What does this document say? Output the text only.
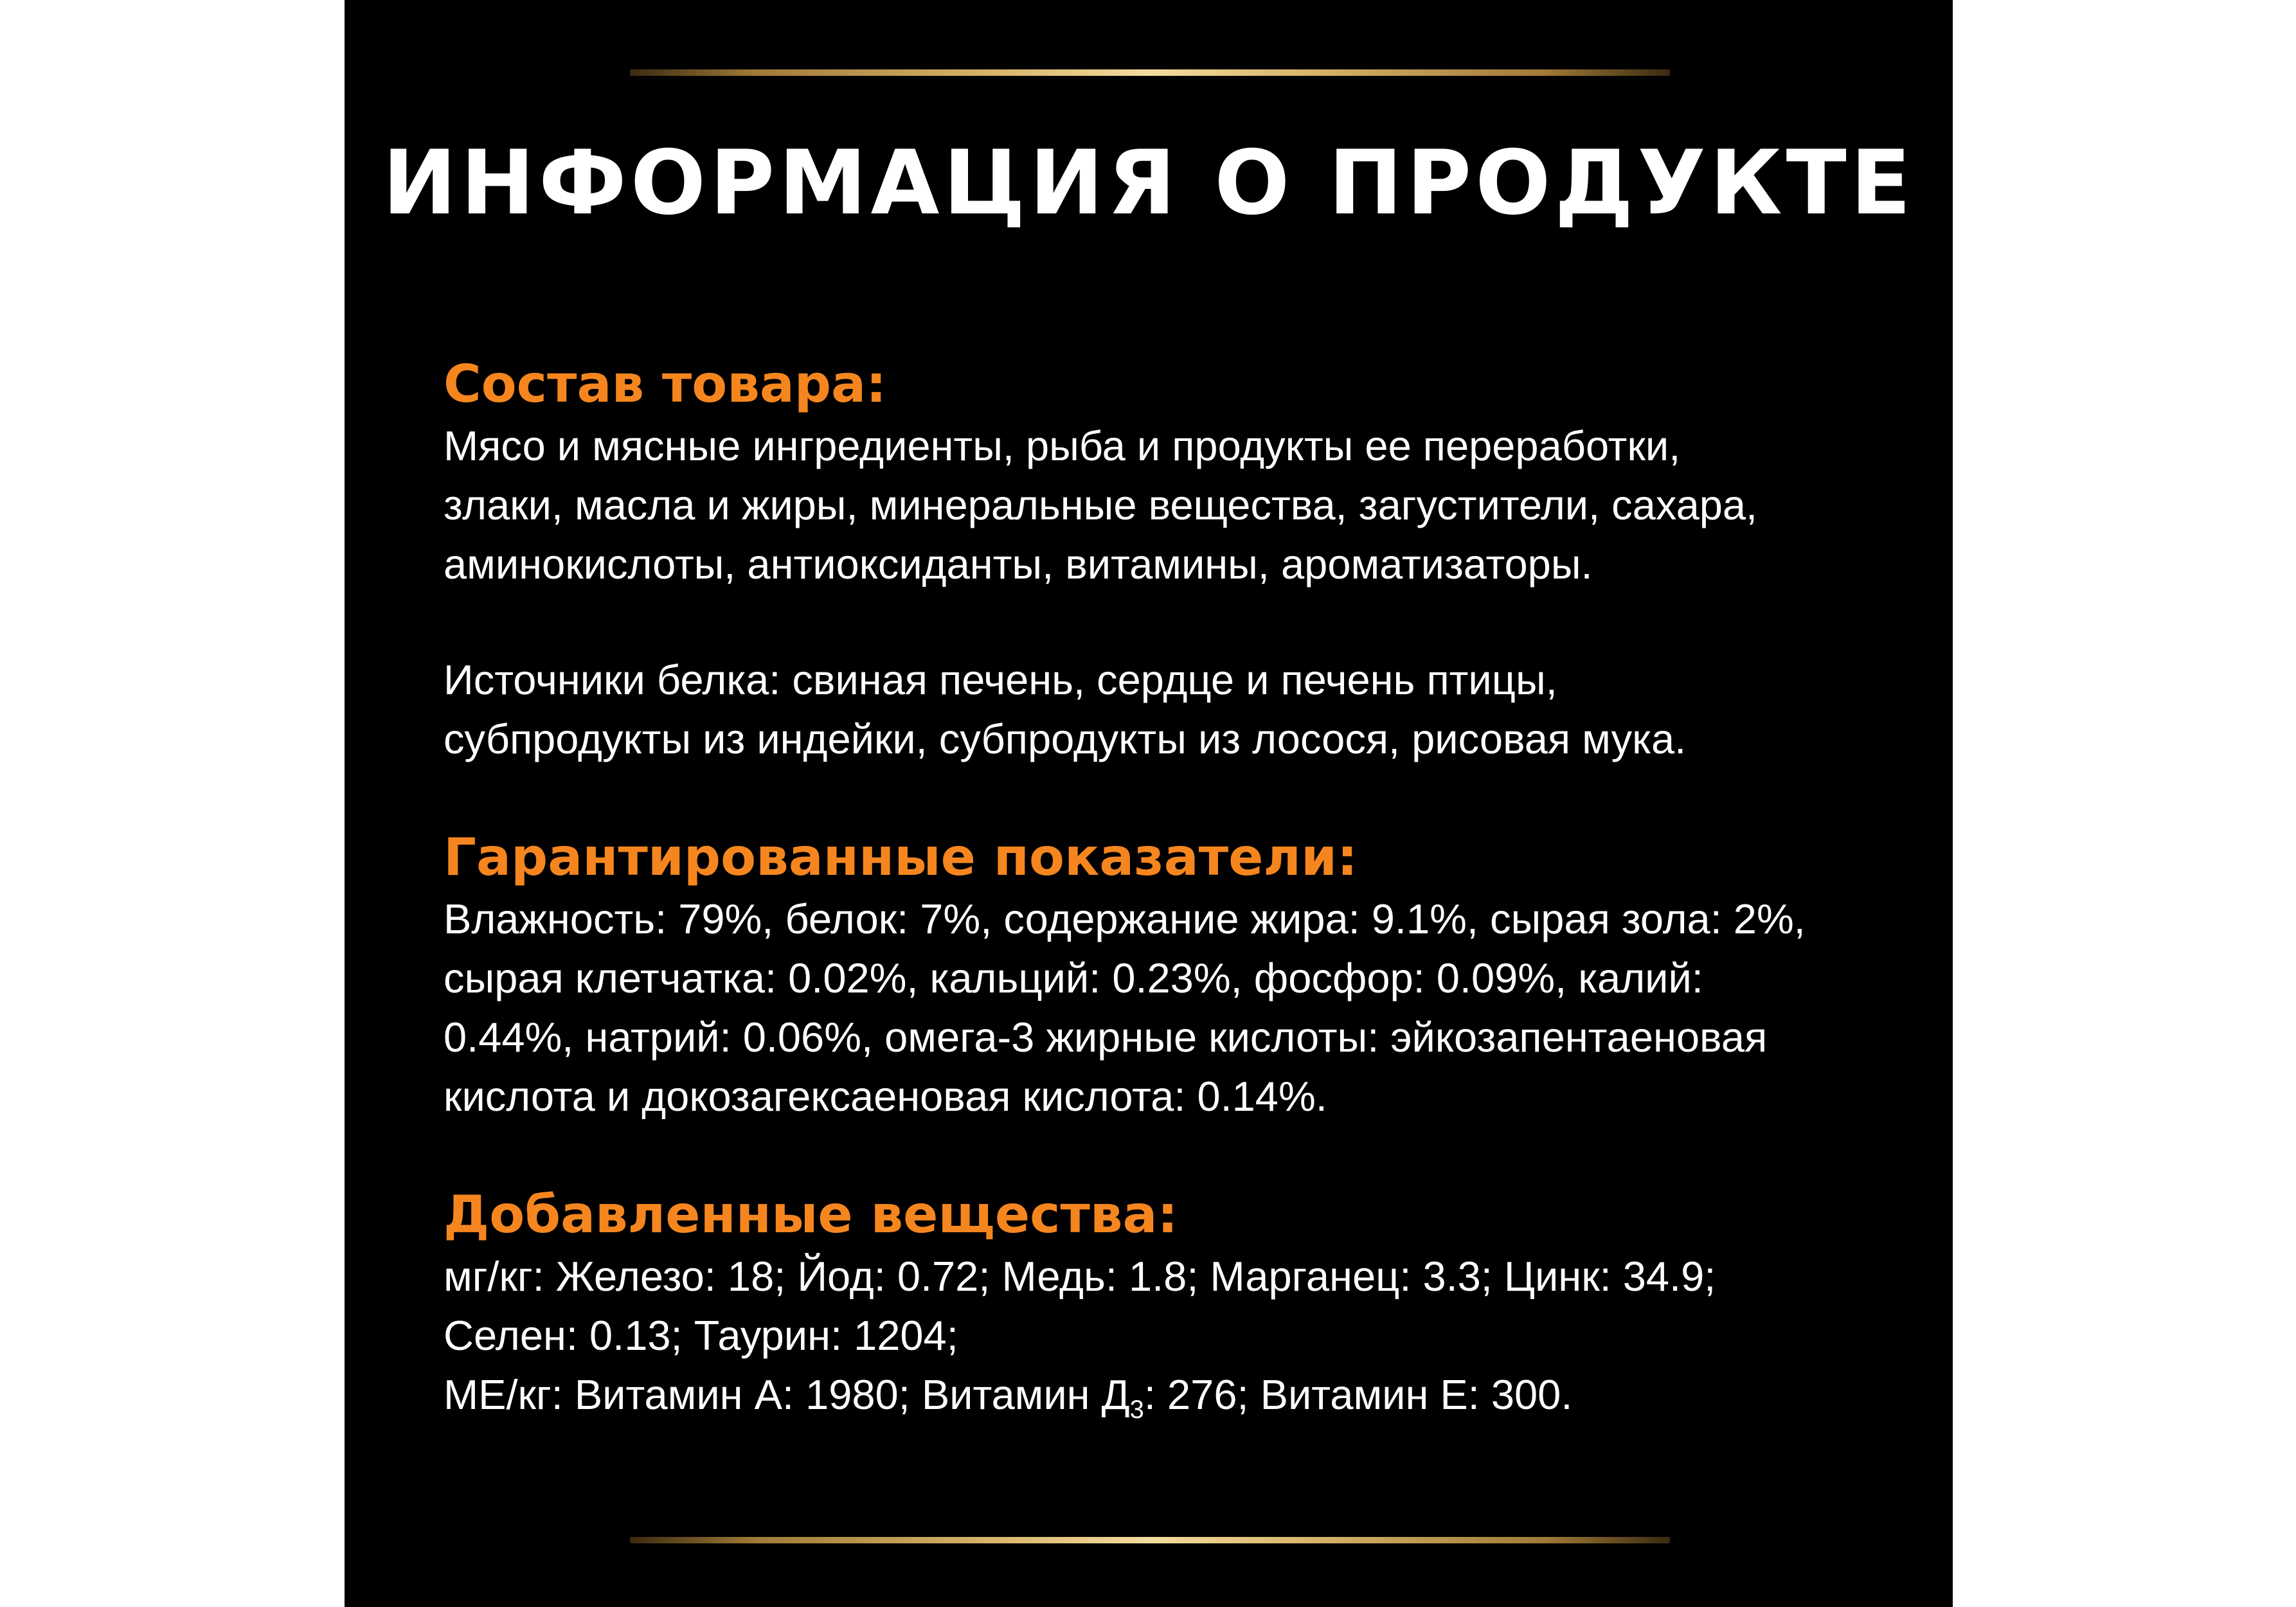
ИНФОРМАЦИЯ О ПРОДУКТЕ
Состав товара:

Мясо и мясные ингредиенты, рыба и продукты ее переработки,
злаки, масла и жиры, минеральные вещества, загустители, сахара,
аминокислоты, антиоксиданты, витамины, ароматизаторы.

Источники белка: свиная печень, сердце и печень птицы,
субпродукты из индейки, субпродукты из лосося, рисовая мука.

Гарантированные показатели:

Влажность: 79%, белок: 7%, содержание жира: 9.1%, сырая зола: 2%,
сырая клетчатка: 0.02%, кальций: 0.23%, фосфор: 0.09%, калий:
0.44%, натрий: 0.06%, омега-3 жирные кислоты: эйкозапентаеновая
кислота и докозагексаеновая кислота: 0.14%.

Добавленные вещества:

мг/кг: Железо: 18; Йод: 0.72; Медь: 1.8; Марганец: 3.3; Цинк: 34.9;
Селен: 0.13; Таурин: 1204;
МЕ/кг: Витамин А: 1980; Витамин $Д_3$: 276; Витамин Е: 300.
